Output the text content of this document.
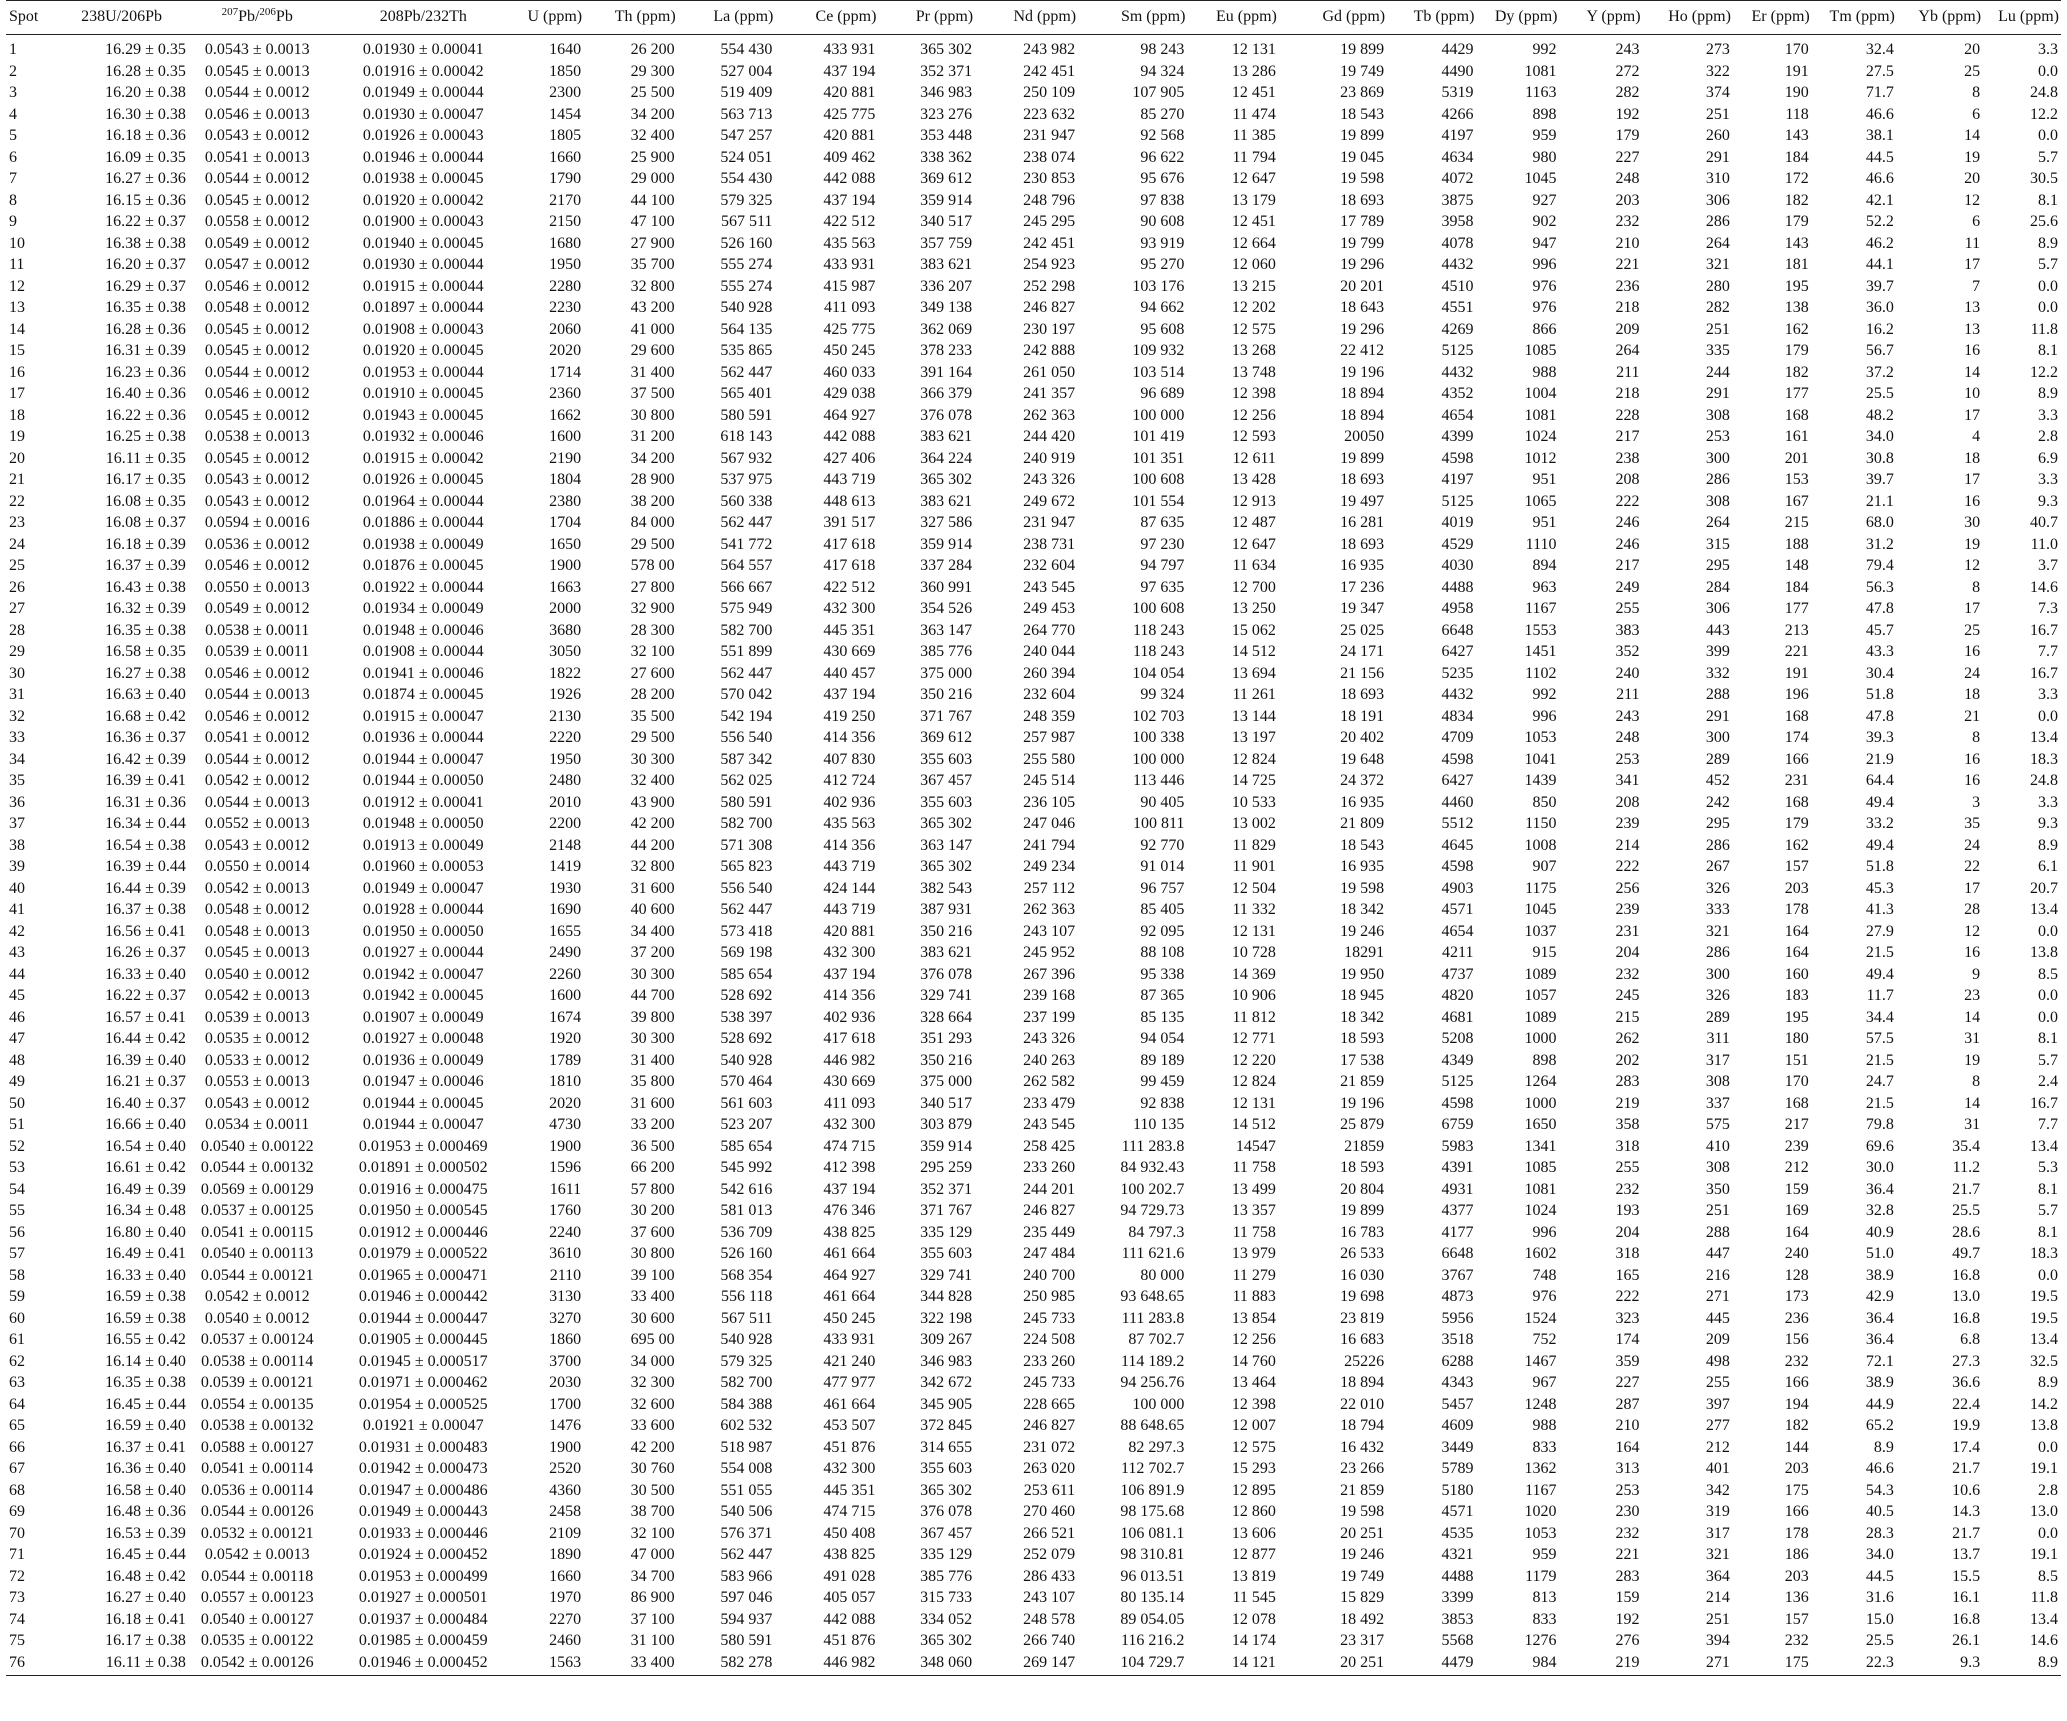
Spot	238U/206Pb	$^{207}$Pb/$^{206}$Pb	208Pb/232Th	U (ppm)	Th (ppm)	La (ppm)	Ce (ppm)	Pr (ppm)	Nd (ppm)	Sm (ppm)	Eu (ppm)	Gd (ppm)	Tb (ppm)	Dy (ppm)	Y (ppm)	Ho (ppm)	Er (ppm)	Tm (ppm)	Yb (ppm)	Lu (ppm)
1	16.29 ± 0.35	0.0543 ± 0.0013	0.01930 ± 0.00041	1640	26 200	554 430	433 931	365 302	243 982	98 243	12 131	19 899	4429	992	243	273	170	32.4	20	3.3
2	16.28 ± 0.35	0.0545 ± 0.0013	0.01916 ± 0.00042	1850	29 300	527 004	437 194	352 371	242 451	94 324	13 286	19 749	4490	1081	272	322	191	27.5	25	0.0
3	16.20 ± 0.38	0.0544 ± 0.0012	0.01949 ± 0.00044	2300	25 500	519 409	420 881	346 983	250 109	107 905	12 451	23 869	5319	1163	282	374	190	71.7	8	24.8
4	16.30 ± 0.38	0.0546 ± 0.0013	0.01930 ± 0.00047	1454	34 200	563 713	425 775	323 276	223 632	85 270	11 474	18 543	4266	898	192	251	118	46.6	6	12.2
5	16.18 ± 0.36	0.0543 ± 0.0012	0.01926 ± 0.00043	1805	32 400	547 257	420 881	353 448	231 947	92 568	11 385	19 899	4197	959	179	260	143	38.1	14	0.0
6	16.09 ± 0.35	0.0541 ± 0.0013	0.01946 ± 0.00044	1660	25 900	524 051	409 462	338 362	238 074	96 622	11 794	19 045	4634	980	227	291	184	44.5	19	5.7
7	16.27 ± 0.36	0.0544 ± 0.0012	0.01938 ± 0.00045	1790	29 000	554 430	442 088	369 612	230 853	95 676	12 647	19 598	4072	1045	248	310	172	46.6	20	30.5
8	16.15 ± 0.36	0.0545 ± 0.0012	0.01920 ± 0.00042	2170	44 100	579 325	437 194	359 914	248 796	97 838	13 179	18 693	3875	927	203	306	182	42.1	12	8.1
9	16.22 ± 0.37	0.0558 ± 0.0012	0.01900 ± 0.00043	2150	47 100	567 511	422 512	340 517	245 295	90 608	12 451	17 789	3958	902	232	286	179	52.2	6	25.6
10	16.38 ± 0.38	0.0549 ± 0.0012	0.01940 ± 0.00045	1680	27 900	526 160	435 563	357 759	242 451	93 919	12 664	19 799	4078	947	210	264	143	46.2	11	8.9
11	16.20 ± 0.37	0.0547 ± 0.0012	0.01930 ± 0.00044	1950	35 700	555 274	433 931	383 621	254 923	95 270	12 060	19 296	4432	996	221	321	181	44.1	17	5.7
12	16.29 ± 0.37	0.0546 ± 0.0012	0.01915 ± 0.00044	2280	32 800	555 274	415 987	336 207	252 298	103 176	13 215	20 201	4510	976	236	280	195	39.7	7	0.0
13	16.35 ± 0.38	0.0548 ± 0.0012	0.01897 ± 0.00044	2230	43 200	540 928	411 093	349 138	246 827	94 662	12 202	18 643	4551	976	218	282	138	36.0	13	0.0
14	16.28 ± 0.36	0.0545 ± 0.0012	0.01908 ± 0.00043	2060	41 000	564 135	425 775	362 069	230 197	95 608	12 575	19 296	4269	866	209	251	162	16.2	13	11.8
15	16.31 ± 0.39	0.0545 ± 0.0012	0.01920 ± 0.00045	2020	29 600	535 865	450 245	378 233	242 888	109 932	13 268	22 412	5125	1085	264	335	179	56.7	16	8.1
16	16.23 ± 0.36	0.0544 ± 0.0012	0.01953 ± 0.00044	1714	31 400	562 447	460 033	391 164	261 050	103 514	13 748	19 196	4432	988	211	244	182	37.2	14	12.2
17	16.40 ± 0.36	0.0546 ± 0.0012	0.01910 ± 0.00045	2360	37 500	565 401	429 038	366 379	241 357	96 689	12 398	18 894	4352	1004	218	291	177	25.5	10	8.9
18	16.22 ± 0.36	0.0545 ± 0.0012	0.01943 ± 0.00045	1662	30 800	580 591	464 927	376 078	262 363	100 000	12 256	18 894	4654	1081	228	308	168	48.2	17	3.3
19	16.25 ± 0.38	0.0538 ± 0.0013	0.01932 ± 0.00046	1600	31 200	618 143	442 088	383 621	244 420	101 419	12 593	20050	4399	1024	217	253	161	34.0	4	2.8
20	16.11 ± 0.35	0.0545 ± 0.0012	0.01915 ± 0.00042	2190	34 200	567 932	427 406	364 224	240 919	101 351	12 611	19 899	4598	1012	238	300	201	30.8	18	6.9
21	16.17 ± 0.35	0.0543 ± 0.0012	0.01926 ± 0.00045	1804	28 900	537 975	443 719	365 302	243 326	100 608	13 428	18 693	4197	951	208	286	153	39.7	17	3.3
22	16.08 ± 0.35	0.0543 ± 0.0012	0.01964 ± 0.00044	2380	38 200	560 338	448 613	383 621	249 672	101 554	12 913	19 497	5125	1065	222	308	167	21.1	16	9.3
23	16.08 ± 0.37	0.0594 ± 0.0016	0.01886 ± 0.00044	1704	84 000	562 447	391 517	327 586	231 947	87 635	12 487	16 281	4019	951	246	264	215	68.0	30	40.7
24	16.18 ± 0.39	0.0536 ± 0.0012	0.01938 ± 0.00049	1650	29 500	541 772	417 618	359 914	238 731	97 230	12 647	18 693	4529	1110	246	315	188	31.2	19	11.0
25	16.37 ± 0.39	0.0546 ± 0.0012	0.01876 ± 0.00045	1900	578 00	564 557	417 618	337 284	232 604	94 797	11 634	16 935	4030	894	217	295	148	79.4	12	3.7
26	16.43 ± 0.38	0.0550 ± 0.0013	0.01922 ± 0.00044	1663	27 800	566 667	422 512	360 991	243 545	97 635	12 700	17 236	4488	963	249	284	184	56.3	8	14.6
27	16.32 ± 0.39	0.0549 ± 0.0012	0.01934 ± 0.00049	2000	32 900	575 949	432 300	354 526	249 453	100 608	13 250	19 347	4958	1167	255	306	177	47.8	17	7.3
28	16.35 ± 0.38	0.0538 ± 0.0011	0.01948 ± 0.00046	3680	28 300	582 700	445 351	363 147	264 770	118 243	15 062	25 025	6648	1553	383	443	213	45.7	25	16.7
29	16.58 ± 0.35	0.0539 ± 0.0011	0.01908 ± 0.00044	3050	32 100	551 899	430 669	385 776	240 044	118 243	14 512	24 171	6427	1451	352	399	221	43.3	16	7.7
30	16.27 ± 0.38	0.0546 ± 0.0012	0.01941 ± 0.00046	1822	27 600	562 447	440 457	375 000	260 394	104 054	13 694	21 156	5235	1102	240	332	191	30.4	24	16.7
31	16.63 ± 0.40	0.0544 ± 0.0013	0.01874 ± 0.00045	1926	28 200	570 042	437 194	350 216	232 604	99 324	11 261	18 693	4432	992	211	288	196	51.8	18	3.3
32	16.68 ± 0.42	0.0546 ± 0.0012	0.01915 ± 0.00047	2130	35 500	542 194	419 250	371 767	248 359	102 703	13 144	18 191	4834	996	243	291	168	47.8	21	0.0
33	16.36 ± 0.37	0.0541 ± 0.0012	0.01936 ± 0.00044	2220	29 500	556 540	414 356	369 612	257 987	100 338	13 197	20 402	4709	1053	248	300	174	39.3	8	13.4
34	16.42 ± 0.39	0.0544 ± 0.0012	0.01944 ± 0.00047	1950	30 300	587 342	407 830	355 603	255 580	100 000	12 824	19 648	4598	1041	253	289	166	21.9	16	18.3
35	16.39 ± 0.41	0.0542 ± 0.0012	0.01944 ± 0.00050	2480	32 400	562 025	412 724	367 457	245 514	113 446	14 725	24 372	6427	1439	341	452	231	64.4	16	24.8
36	16.31 ± 0.36	0.0544 ± 0.0013	0.01912 ± 0.00041	2010	43 900	580 591	402 936	355 603	236 105	90 405	10 533	16 935	4460	850	208	242	168	49.4	3	3.3
37	16.34 ± 0.44	0.0552 ± 0.0013	0.01948 ± 0.00050	2200	42 200	582 700	435 563	365 302	247 046	100 811	13 002	21 809	5512	1150	239	295	179	33.2	35	9.3
38	16.54 ± 0.38	0.0543 ± 0.0012	0.01913 ± 0.00049	2148	44 200	571 308	414 356	363 147	241 794	92 770	11 829	18 543	4645	1008	214	286	162	49.4	24	8.9
39	16.39 ± 0.44	0.0550 ± 0.0014	0.01960 ± 0.00053	1419	32 800	565 823	443 719	365 302	249 234	91 014	11 901	16 935	4598	907	222	267	157	51.8	22	6.1
40	16.44 ± 0.39	0.0542 ± 0.0013	0.01949 ± 0.00047	1930	31 600	556 540	424 144	382 543	257 112	96 757	12 504	19 598	4903	1175	256	326	203	45.3	17	20.7
41	16.37 ± 0.38	0.0548 ± 0.0012	0.01928 ± 0.00044	1690	40 600	562 447	443 719	387 931	262 363	85 405	11 332	18 342	4571	1045	239	333	178	41.3	28	13.4
42	16.56 ± 0.41	0.0548 ± 0.0013	0.01950 ± 0.00050	1655	34 400	573 418	420 881	350 216	243 107	92 095	12 131	19 246	4654	1037	231	321	164	27.9	12	0.0
43	16.26 ± 0.37	0.0545 ± 0.0013	0.01927 ± 0.00044	2490	37 200	569 198	432 300	383 621	245 952	88 108	10 728	18291	4211	915	204	286	164	21.5	16	13.8
44	16.33 ± 0.40	0.0540 ± 0.0012	0.01942 ± 0.00047	2260	30 300	585 654	437 194	376 078	267 396	95 338	14 369	19 950	4737	1089	232	300	160	49.4	9	8.5
45	16.22 ± 0.37	0.0542 ± 0.0013	0.01942 ± 0.00045	1600	44 700	528 692	414 356	329 741	239 168	87 365	10 906	18 945	4820	1057	245	326	183	11.7	23	0.0
46	16.57 ± 0.41	0.0539 ± 0.0013	0.01907 ± 0.00049	1674	39 800	538 397	402 936	328 664	237 199	85 135	11 812	18 342	4681	1089	215	289	195	34.4	14	0.0
47	16.44 ± 0.42	0.0535 ± 0.0012	0.01927 ± 0.00048	1920	30 300	528 692	417 618	351 293	243 326	94 054	12 771	18 593	5208	1000	262	311	180	57.5	31	8.1
48	16.39 ± 0.40	0.0533 ± 0.0012	0.01936 ± 0.00049	1789	31 400	540 928	446 982	350 216	240 263	89 189	12 220	17 538	4349	898	202	317	151	21.5	19	5.7
49	16.21 ± 0.37	0.0553 ± 0.0013	0.01947 ± 0.00046	1810	35 800	570 464	430 669	375 000	262 582	99 459	12 824	21 859	5125	1264	283	308	170	24.7	8	2.4
50	16.40 ± 0.37	0.0543 ± 0.0012	0.01944 ± 0.00045	2020	31 600	561 603	411 093	340 517	233 479	92 838	12 131	19 196	4598	1000	219	337	168	21.5	14	16.7
51	16.66 ± 0.40	0.0534 ± 0.0011	0.01944 ± 0.00047	4730	33 200	523 207	432 300	303 879	243 545	110 135	14 512	25 879	6759	1650	358	575	217	79.8	31	7.7
52	16.54 ± 0.40	0.0540 ± 0.00122	0.01953 ± 0.000469	1900	36 500	585 654	474 715	359 914	258 425	111 283.8	14547	21859	5983	1341	318	410	239	69.6	35.4	13.4
53	16.61 ± 0.42	0.0544 ± 0.00132	0.01891 ± 0.000502	1596	66 200	545 992	412 398	295 259	233 260	84 932.43	11 758	18 593	4391	1085	255	308	212	30.0	11.2	5.3
54	16.49 ± 0.39	0.0569 ± 0.00129	0.01916 ± 0.000475	1611	57 800	542 616	437 194	352 371	244 201	100 202.7	13 499	20 804	4931	1081	232	350	159	36.4	21.7	8.1
55	16.34 ± 0.48	0.0537 ± 0.00125	0.01950 ± 0.000545	1760	30 200	581 013	476 346	371 767	246 827	94 729.73	13 357	19 899	4377	1024	193	251	169	32.8	25.5	5.7
56	16.80 ± 0.40	0.0541 ± 0.00115	0.01912 ± 0.000446	2240	37 600	536 709	438 825	335 129	235 449	84 797.3	11 758	16 783	4177	996	204	288	164	40.9	28.6	8.1
57	16.49 ± 0.41	0.0540 ± 0.00113	0.01979 ± 0.000522	3610	30 800	526 160	461 664	355 603	247 484	111 621.6	13 979	26 533	6648	1602	318	447	240	51.0	49.7	18.3
58	16.33 ± 0.40	0.0544 ± 0.00121	0.01965 ± 0.000471	2110	39 100	568 354	464 927	329 741	240 700	80 000	11 279	16 030	3767	748	165	216	128	38.9	16.8	0.0
59	16.59 ± 0.38	0.0542 ± 0.0012	0.01946 ± 0.000442	3130	33 400	556 118	461 664	344 828	250 985	93 648.65	11 883	19 698	4873	976	222	271	173	42.9	13.0	19.5
60	16.59 ± 0.38	0.0540 ± 0.0012	0.01944 ± 0.000447	3270	30 600	567 511	450 245	322 198	245 733	111 283.8	13 854	23 819	5956	1524	323	445	236	36.4	16.8	19.5
61	16.55 ± 0.42	0.0537 ± 0.00124	0.01905 ± 0.000445	1860	695 00	540 928	433 931	309 267	224 508	87 702.7	12 256	16 683	3518	752	174	209	156	36.4	6.8	13.4
62	16.14 ± 0.40	0.0538 ± 0.00114	0.01945 ± 0.000517	3700	34 000	579 325	421 240	346 983	233 260	114 189.2	14 760	25226	6288	1467	359	498	232	72.1	27.3	32.5
63	16.35 ± 0.38	0.0539 ± 0.00121	0.01971 ± 0.000462	2030	32 300	582 700	477 977	342 672	245 733	94 256.76	13 464	18 894	4343	967	227	255	166	38.9	36.6	8.9
64	16.45 ± 0.44	0.0554 ± 0.00135	0.01954 ± 0.000525	1700	32 600	584 388	461 664	345 905	228 665	100 000	12 398	22 010	5457	1248	287	397	194	44.9	22.4	14.2
65	16.59 ± 0.40	0.0538 ± 0.00132	0.01921 ± 0.00047	1476	33 600	602 532	453 507	372 845	246 827	88 648.65	12 007	18 794	4609	988	210	277	182	65.2	19.9	13.8
66	16.37 ± 0.41	0.0588 ± 0.00127	0.01931 ± 0.000483	1900	42 200	518 987	451 876	314 655	231 072	82 297.3	12 575	16 432	3449	833	164	212	144	8.9	17.4	0.0
67	16.36 ± 0.40	0.0541 ± 0.00114	0.01942 ± 0.000473	2520	30 760	554 008	432 300	355 603	263 020	112 702.7	15 293	23 266	5789	1362	313	401	203	46.6	21.7	19.1
68	16.58 ± 0.40	0.0536 ± 0.00114	0.01947 ± 0.000486	4360	30 500	551 055	445 351	365 302	253 611	106 891.9	12 895	21 859	5180	1167	253	342	175	54.3	10.6	2.8
69	16.48 ± 0.36	0.0544 ± 0.00126	0.01949 ± 0.000443	2458	38 700	540 506	474 715	376 078	270 460	98 175.68	12 860	19 598	4571	1020	230	319	166	40.5	14.3	13.0
70	16.53 ± 0.39	0.0532 ± 0.00121	0.01933 ± 0.000446	2109	32 100	576 371	450 408	367 457	266 521	106 081.1	13 606	20 251	4535	1053	232	317	178	28.3	21.7	0.0
71	16.45 ± 0.44	0.0542 ± 0.0013	0.01924 ± 0.000452	1890	47 000	562 447	438 825	335 129	252 079	98 310.81	12 877	19 246	4321	959	221	321	186	34.0	13.7	19.1
72	16.48 ± 0.42	0.0544 ± 0.00118	0.01953 ± 0.000499	1660	34 700	583 966	491 028	385 776	286 433	96 013.51	13 819	19 749	4488	1179	283	364	203	44.5	15.5	8.5
73	16.27 ± 0.40	0.0557 ± 0.00123	0.01927 ± 0.000501	1970	86 900	597 046	405 057	315 733	243 107	80 135.14	11 545	15 829	3399	813	159	214	136	31.6	16.1	11.8
74	16.18 ± 0.41	0.0540 ± 0.00127	0.01937 ± 0.000484	2270	37 100	594 937	442 088	334 052	248 578	89 054.05	12 078	18 492	3853	833	192	251	157	15.0	16.8	13.4
75	16.17 ± 0.38	0.0535 ± 0.00122	0.01985 ± 0.000459	2460	31 100	580 591	451 876	365 302	266 740	116 216.2	14 174	23 317	5568	1276	276	394	232	25.5	26.1	14.6
76	16.11 ± 0.38	0.0542 ± 0.00126	0.01946 ± 0.000452	1563	33 400	582 278	446 982	348 060	269 147	104 729.7	14 121	20 251	4479	984	219	271	175	22.3	9.3	8.9
